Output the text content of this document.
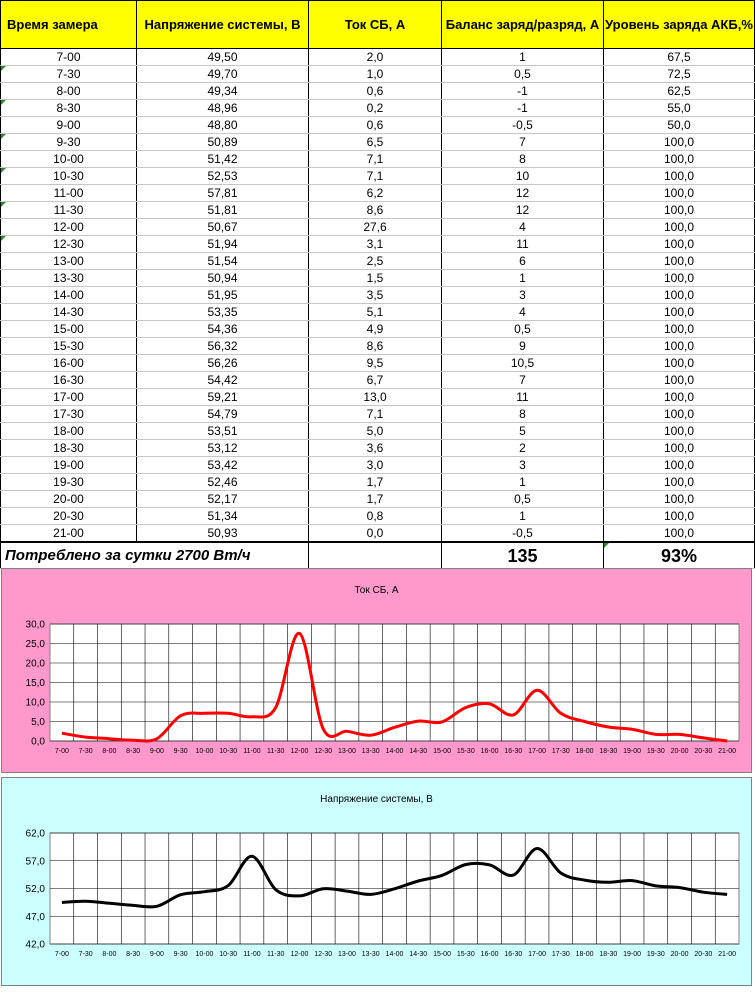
Время замера	Напряжение системы, В	Ток СБ, А	Баланс заряд/разряд, А	Уровень заряда АКБ,%
7-00	49,50	2,0	1	67,5
7-30	49,70	1,0	0,5	72,5
8-00	49,34	0,6	-1	62,5
8-30	48,96	0,2	-1	55,0
9-00	48,80	0,6	-0,5	50,0
9-30	50,89	6,5	7	100,0
10-00	51,42	7,1	8	100,0
10-30	52,53	7,1	10	100,0
11-00	57,81	6,2	12	100,0
11-30	51,81	8,6	12	100,0
12-00	50,67	27,6	4	100,0
12-30	51,94	3,1	11	100,0
13-00	51,54	2,5	6	100,0
13-30	50,94	1,5	1	100,0
14-00	51,95	3,5	3	100,0
14-30	53,35	5,1	4	100,0
15-00	54,36	4,9	0,5	100,0
15-30	56,32	8,6	9	100,0
16-00	56,26	9,5	10,5	100,0
16-30	54,42	6,7	7	100,0
17-00	59,21	13,0	11	100,0
17-30	54,79	7,1	8	100,0
18-00	53,51	5,0	5	100,0
18-30	53,12	3,6	2	100,0
19-00	53,42	3,0	3	100,0
19-30	52,46	1,7	1	100,0
20-00	52,17	1,7	0,5	100,0
20-30	51,34	0,8	1	100,0
21-00	50,93	0,0	-0,5	100,0
Потреблено за сутки 2700 Вт/ч			135	93%
Ток СБ, А
0,0
5,0
10,0
15,0
20,0
25,0
30,0
7-00 7-30 8-00 8-30 9-00 9-30 10-00 10-30 11-00 11-30 12-00 12-30 13-00 13-30 14-00 14-30 15-00 15-30 16-00 16-30 17-00 17-30 18-00 18-30 19-00 19-30 20-00 20-30 21-00
Напряжение системы, В
42,0
47,0
52,0
57,0
62,0
7-00 7-30 8-00 8-30 9-00 9-30 10-00 10-30 11-00 11-30 12-00 12-30 13-00 13-30 14-00 14-30 15-00 15-30 16-00 16-30 17-00 17-30 18-00 18-30 19-00 19-30 20-00 20-30 21-00
